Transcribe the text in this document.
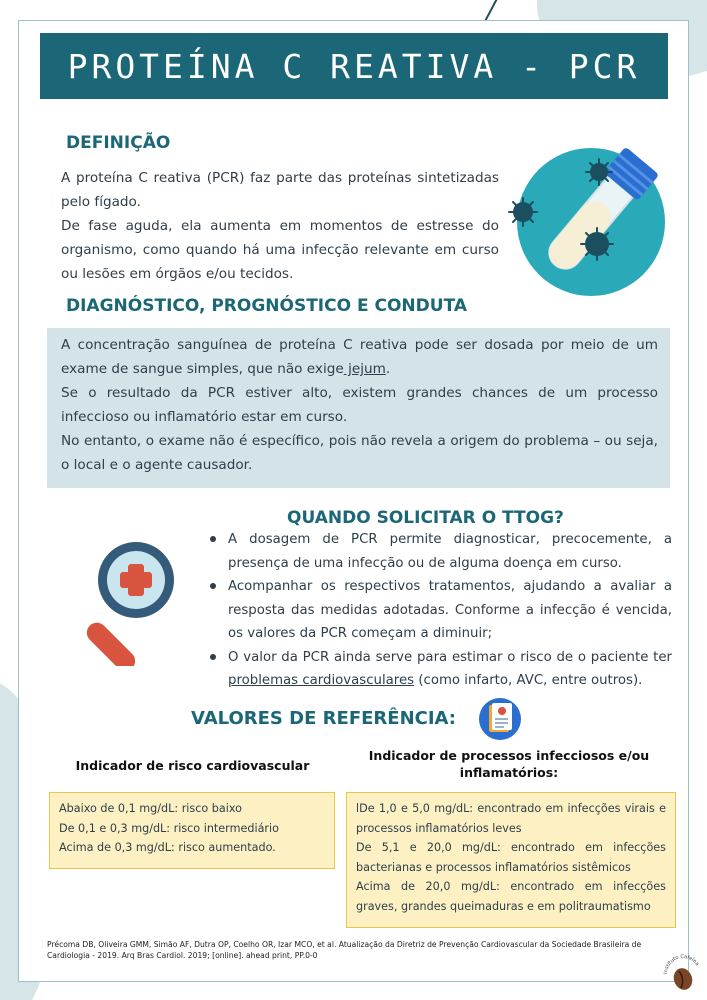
PROTEÍNA C REATIVA - PCR
DEFINIÇÃO

A proteína C reativa (PCR) faz parte das proteínas sintetizadas pelo fígado.

De fase aguda, ela aumenta em momentos de estresse do organismo, como quando há uma infecção relevante em curso ou lesões em órgãos e/ou tecidos.

DIAGNÓSTICO, PROGNÓSTICO E CONDUTA

A concentração sanguínea de proteína C reativa pode ser dosada por meio de um exame de sangue simples, que não exige jejum.

Se o resultado da PCR estiver alto, existem grandes chances de um processo infeccioso ou inflamatório estar em curso.

No entanto, o exame não é específico, pois não revela a origem do problema – ou seja, o local e o agente causador.

QUANDO SOLICITAR O TTOG?
A dosagem de PCR permite diagnosticar, precocemente, a presença de uma infecção ou de alguma doença em curso.
Acompanhar os respectivos tratamentos, ajudando a avaliar a resposta das medidas adotadas. Conforme a infecção é vencida, os valores da PCR começam a diminuir;
O valor da PCR ainda serve para estimar o risco de o paciente ter problemas cardiovasculares (como infarto, AVC, entre outros).
VALORES DE REFERÊNCIA:
Indicador de risco cardiovascular
Indicador de processos infecciosos e/ou inflamatórios:

Abaixo de 0,1 mg/dL: risco baixo

De 0,1 e 0,3 mg/dL: risco intermediário

Acima de 0,3 mg/dL: risco aumentado.

lDe 1,0 e 5,0 mg/dL: encontrado em infecções virais e processos inflamatórios leves

De 5,1 e 20,0 mg/dL: encontrado em infecções bacterianas e processos inflamatórios sistêmicos

Acima de 20,0 mg/dL: encontrado em infecções graves, grandes queimaduras e em politraumatismo

Précoma DB, Oliveira GMM, Simão AF, Dutra OP, Coelho OR, Izar MCO, et al. Atualização da Diretriz de Prevenção Cardiovascular da Sociedade Brasileira de Cardiologia - 2019. Arq Bras Cardiol. 2019; [online]. ahead print, PP.0-0
Instituto Cafeína
